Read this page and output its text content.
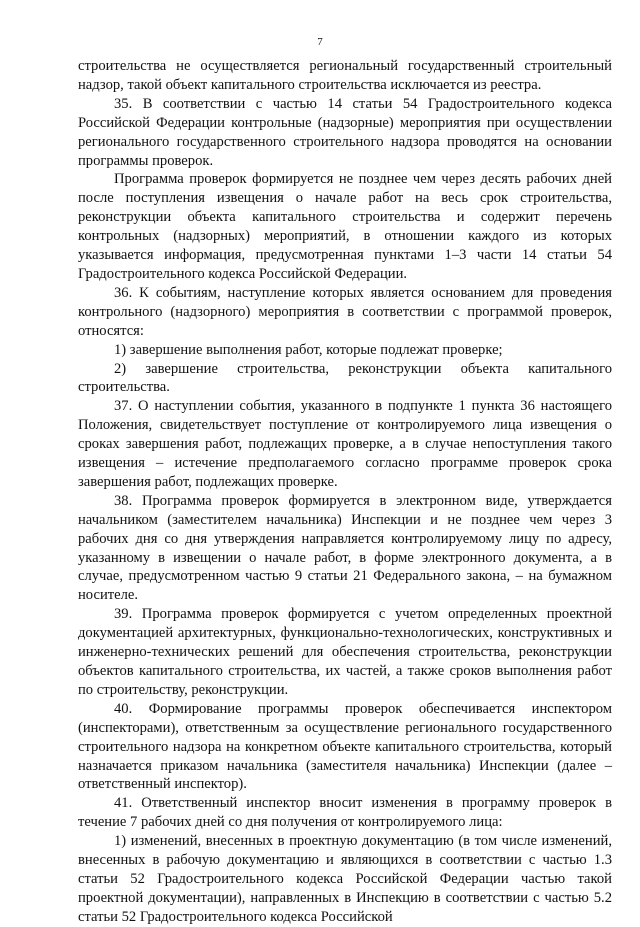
7

строительства не осуществляется региональный государственный строительный надзор, такой объект капитального строительства исключается из реестра.

35. В соответствии с частью 14 статьи 54 Градостроительного кодекса Российской Федерации контрольные (надзорные) мероприятия при осуществлении регионального государственного строительного надзора проводятся на основании программы проверок.

Программа проверок формируется не позднее чем через десять рабочих дней после поступления извещения о начале работ на весь срок строительства, реконструкции объекта капитального строительства и содержит перечень контрольных (надзорных) мероприятий, в отношении каждого из которых указывается информация, предусмотренная пунктами 1–3 части 14 статьи 54 Градостроительного кодекса Российской Федерации.

36. К событиям, наступление которых является основанием для проведения контрольного (надзорного) мероприятия в соответствии с программой проверок, относятся:

1) завершение выполнения работ, которые подлежат проверке;

2) завершение строительства, реконструкции объекта капитального строительства.

37. О наступлении события, указанного в подпункте 1 пункта 36 настоящего Положения, свидетельствует поступление от контролируемого лица извещения о сроках завершения работ, подлежащих проверке, а в случае непоступления такого извещения – истечение предполагаемого согласно программе проверок срока завершения работ, подлежащих проверке.

38. Программа проверок формируется в электронном виде, утверждается начальником (заместителем начальника) Инспекции и не позднее чем через 3 рабочих дня со дня утверждения направляется контролируемому лицу по адресу, указанному в извещении о начале работ, в форме электронного документа, а в случае, предусмотренном частью 9 статьи 21 Федерального закона, – на бумажном носителе.

39. Программа проверок формируется с учетом определенных проектной документацией архитектурных, функционально-технологических, конструктивных и инженерно-технических решений для обеспечения строительства, реконструкции объектов капитального строительства, их частей, а также сроков выполнения работ по строительству, реконструкции.

40. Формирование программы проверок обеспечивается инспектором (инспекторами), ответственным за осуществление регионального государственного строительного надзора на конкретном объекте капитального строительства, который назначается приказом начальника (заместителя начальника) Инспекции (далее – ответственный инспектор).

41. Ответственный инспектор вносит изменения в программу проверок в течение 7 рабочих дней со дня получения от контролируемого лица:

1) изменений, внесенных в проектную документацию (в том числе изменений, внесенных в рабочую документацию и являющихся в соответствии с частью 1.3 статьи 52 Градостроительного кодекса Российской Федерации частью такой проектной документации), направленных в Инспекцию в соответствии с частью 5.2 статьи 52 Градостроительного кодекса Российской
